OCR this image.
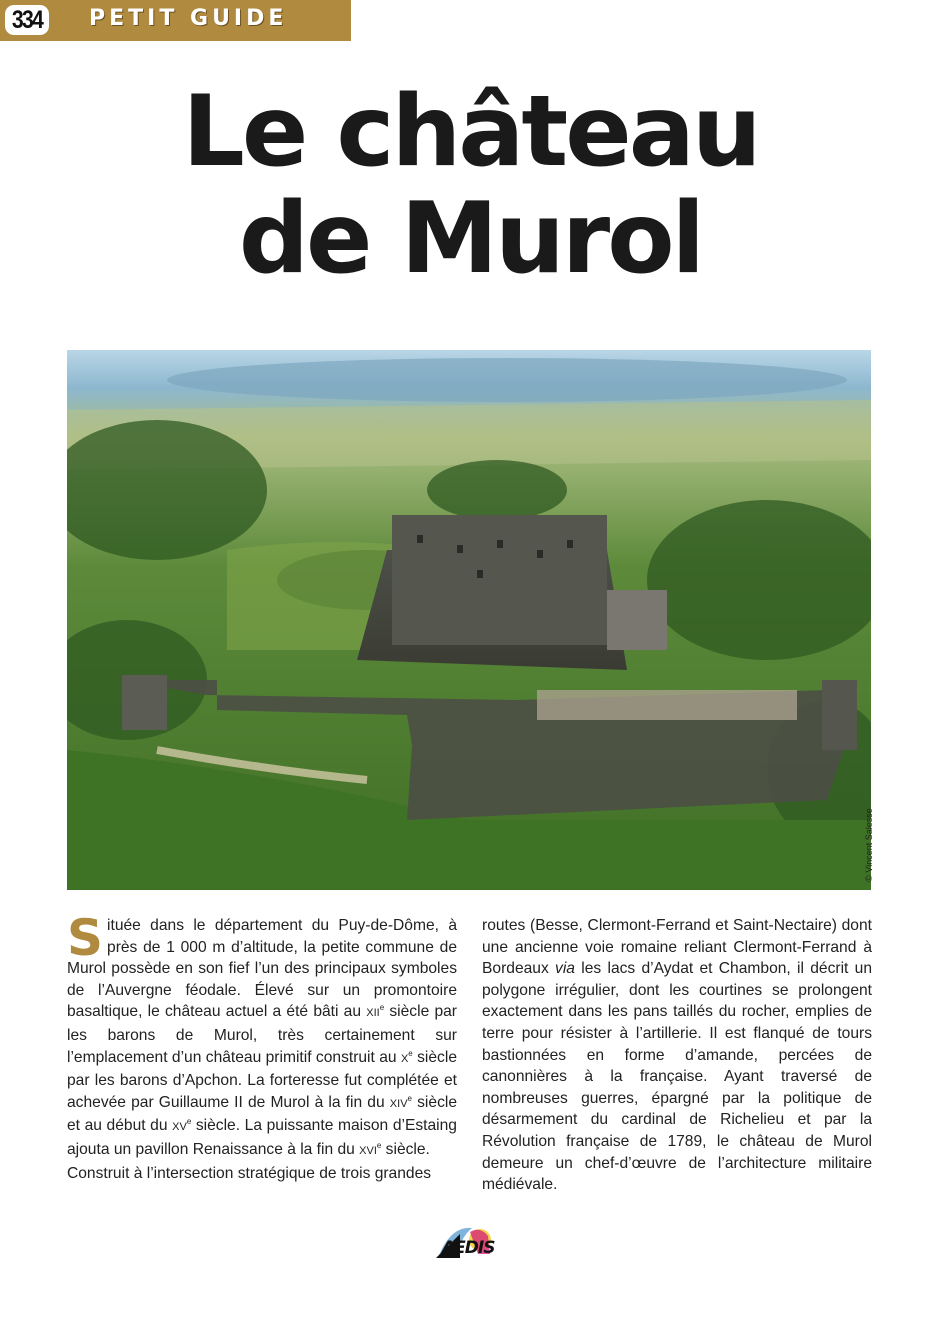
334 PETIT GUIDE
Le château
de Murol
© Vincent Salesse

Située dans le département du Puy-de-Dôme, à près de 1 000 m d’altitude, la petite commune de Murol possède en son fief l’un des principaux symboles de l’Auvergne féodale. Élevé sur un promontoire basaltique, le château actuel a été bâti au XIIe siècle par les barons de Murol, très certainement sur l’emplacement d’un château primitif construit au Xe siècle par les barons d’Apchon. La forteresse fut complétée et achevée par Guillaume II de Murol à la fin du XIVe siècle et au début du XVe siècle. La puissante maison d’Estaing ajouta un pavillon Renaissance à la fin du XVIe siècle.

Construit à l’intersection stratégique de trois grandes

routes (Besse, Clermont-Ferrand et Saint-Nectaire) dont une ancienne voie romaine reliant Clermont-Ferrand à Bordeaux via les lacs d’Aydat et Chambon, il décrit un polygone irrégulier, dont les courtines se prolongent exactement dans les pans taillés du rocher, emplies de terre pour résister à l’artillerie. Il est flanqué de tours bastionnées en forme d’amande, percées de canonnières à la française. Ayant traversé de nombreuses guerres, épargné par la politique de désarmement du cardinal de Richelieu et par la Révolution française de 1789, le château de Murol demeure un chef-d’œuvre de l’architecture militaire médiévale.

AEDIS
